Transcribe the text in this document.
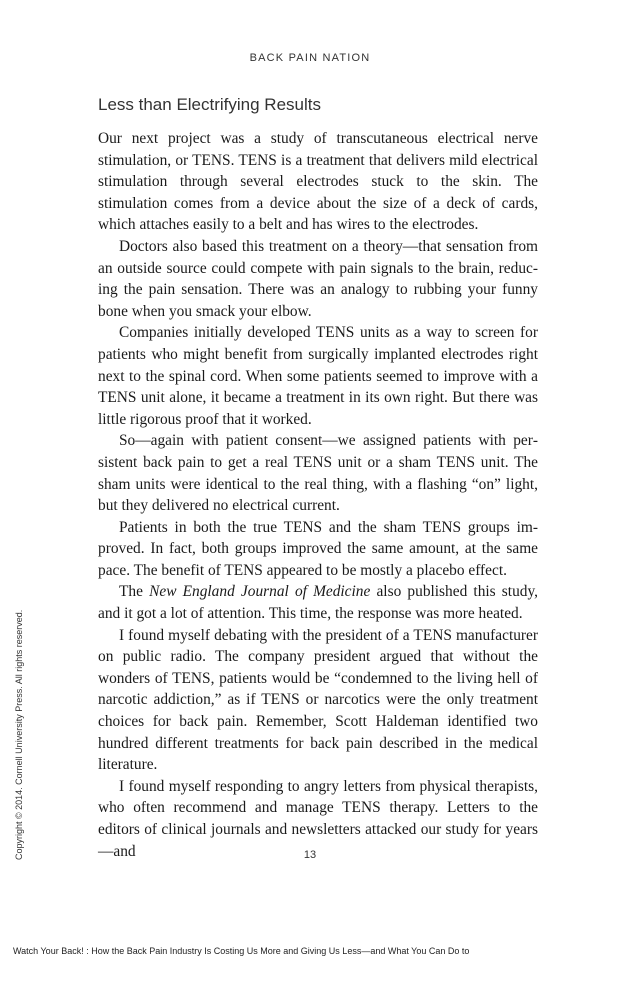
BACK PAIN NATION
Less than Electrifying Results

Our next project was a study of transcutaneous electrical nerve stimulation, or TENS. TENS is a treatment that delivers mild electrical stimulation through several electrodes stuck to the skin. The stimulation comes from a device about the size of a deck of cards, which attaches easily to a belt and has wires to the electrodes.

Doctors also based this treatment on a theory—that sensation from an outside source could compete with pain signals to the brain, reducing the pain sensation. There was an analogy to rubbing your funny bone when you smack your elbow.

Companies initially developed TENS units as a way to screen for patients who might benefit from surgically implanted electrodes right next to the spinal cord. When some patients seemed to improve with a TENS unit alone, it became a treatment in its own right. But there was little rigorous proof that it worked.

So—again with patient consent—we assigned patients with persistent back pain to get a real TENS unit or a sham TENS unit. The sham units were identical to the real thing, with a flashing “on” light, but they delivered no electrical current.

Patients in both the true TENS and the sham TENS groups improved. In fact, both groups improved the same amount, at the same pace. The benefit of TENS appeared to be mostly a placebo effect.

The New England Journal of Medicine also published this study, and it got a lot of attention. This time, the response was more heated.

I found myself debating with the president of a TENS manufacturer on public radio. The company president argued that without the wonders of TENS, patients would be “condemned to the living hell of narcotic addiction,” as if TENS or narcotics were the only treatment choices for back pain. Remember, Scott Haldeman identified two hundred different treatments for back pain described in the medical literature.

I found myself responding to angry letters from physical therapists, who often recommend and manage TENS therapy. Letters to the editors of clinical journals and newsletters attacked our study for years—and	13
Copyright © 2014. Cornell University Press. All rights reserved.
Watch Your Back! : How the Back Pain Industry Is Costing Us More and Giving Us Less—and What You Can Do to
